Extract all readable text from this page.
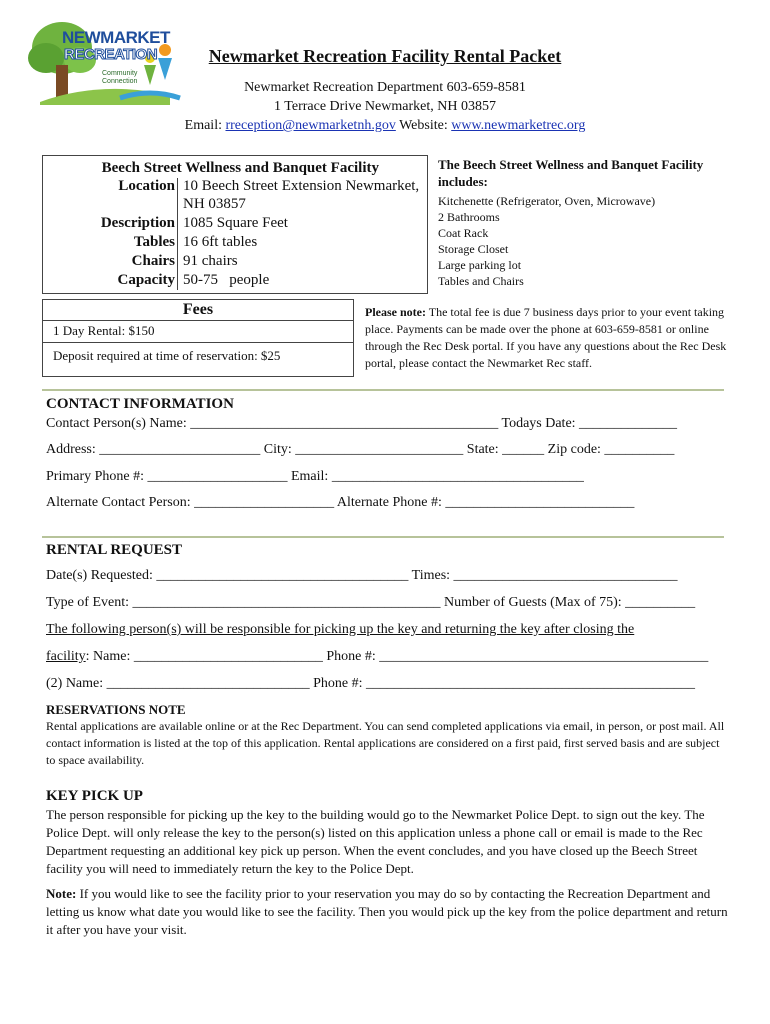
NEWMARKET
RECREATION
Community Connection
Newmarket Recreation Facility Rental Packet
Newmarket Recreation Department 603-659-8581
1 Terrace Drive Newmarket, NH 03857
Email: rreception@newmarketnh.gov Website: www.newmarketrec.org
Beech Street Wellness and Banquet Facility
Location 10 Beech Street Extension Newmarket,
NH 03857
Description 1085 Square Feet
Tables 16 6ft tables
Chairs 91 chairs
Capacity 50-75   people
The Beech Street Wellness and Banquet Facility includes:
Kitchenette (Refrigerator, Oven, Microwave)
2 Bathrooms
Coat Rack
Storage Closet
Large parking lot
Tables and Chairs
Fees
1 Day Rental: $150
Deposit required at time of reservation: $25
Please note: The total fee is due 7 business days prior to your event taking place. Payments can be made over the phone at 603-659-8581 or online through the Rec Desk portal. If you have any questions about the Rec Desk portal, please contact the Newmarket Rec staff.
CONTACT INFORMATION
Contact Person(s) Name: ____________________________________________ Todays Date: ______________
Address: _______________________ City: ________________________ State: ______ Zip code: __________
Primary Phone #: ____________________ Email: ____________________________________
Alternate Contact Person: ____________________ Alternate Phone #: ___________________________
RENTAL REQUEST
Date(s) Requested: ____________________________________ Times: ________________________________
Type of Event: ____________________________________________ Number of Guests (Max of 75): __________
The following person(s) will be responsible for picking up the key and returning the key after closing the
facility: Name: ___________________________ Phone #: _______________________________________________
(2) Name: _____________________________ Phone #: _______________________________________________
RESERVATIONS NOTE
Rental applications are available online or at the Rec Department. You can send completed applications via email, in person, or post mail. All contact information is listed at the top of this application. Rental applications are considered on a first paid, first served basis and are subject to space availability.
KEY PICK UP
The person responsible for picking up the key to the building would go to the Newmarket Police Dept. to sign out the key. The Police Dept. will only release the key to the person(s) listed on this application unless a phone call or email is made to the Rec Department requesting an additional key pick up person. When the event concludes, and you have closed up the Beech Street facility you will need to immediately return the key to the Police Dept.
Note: If you would like to see the facility prior to your reservation you may do so by contacting the Recreation Department and letting us know what date you would like to see the facility. Then you would pick up the key from the police department and return it after you have your visit.
